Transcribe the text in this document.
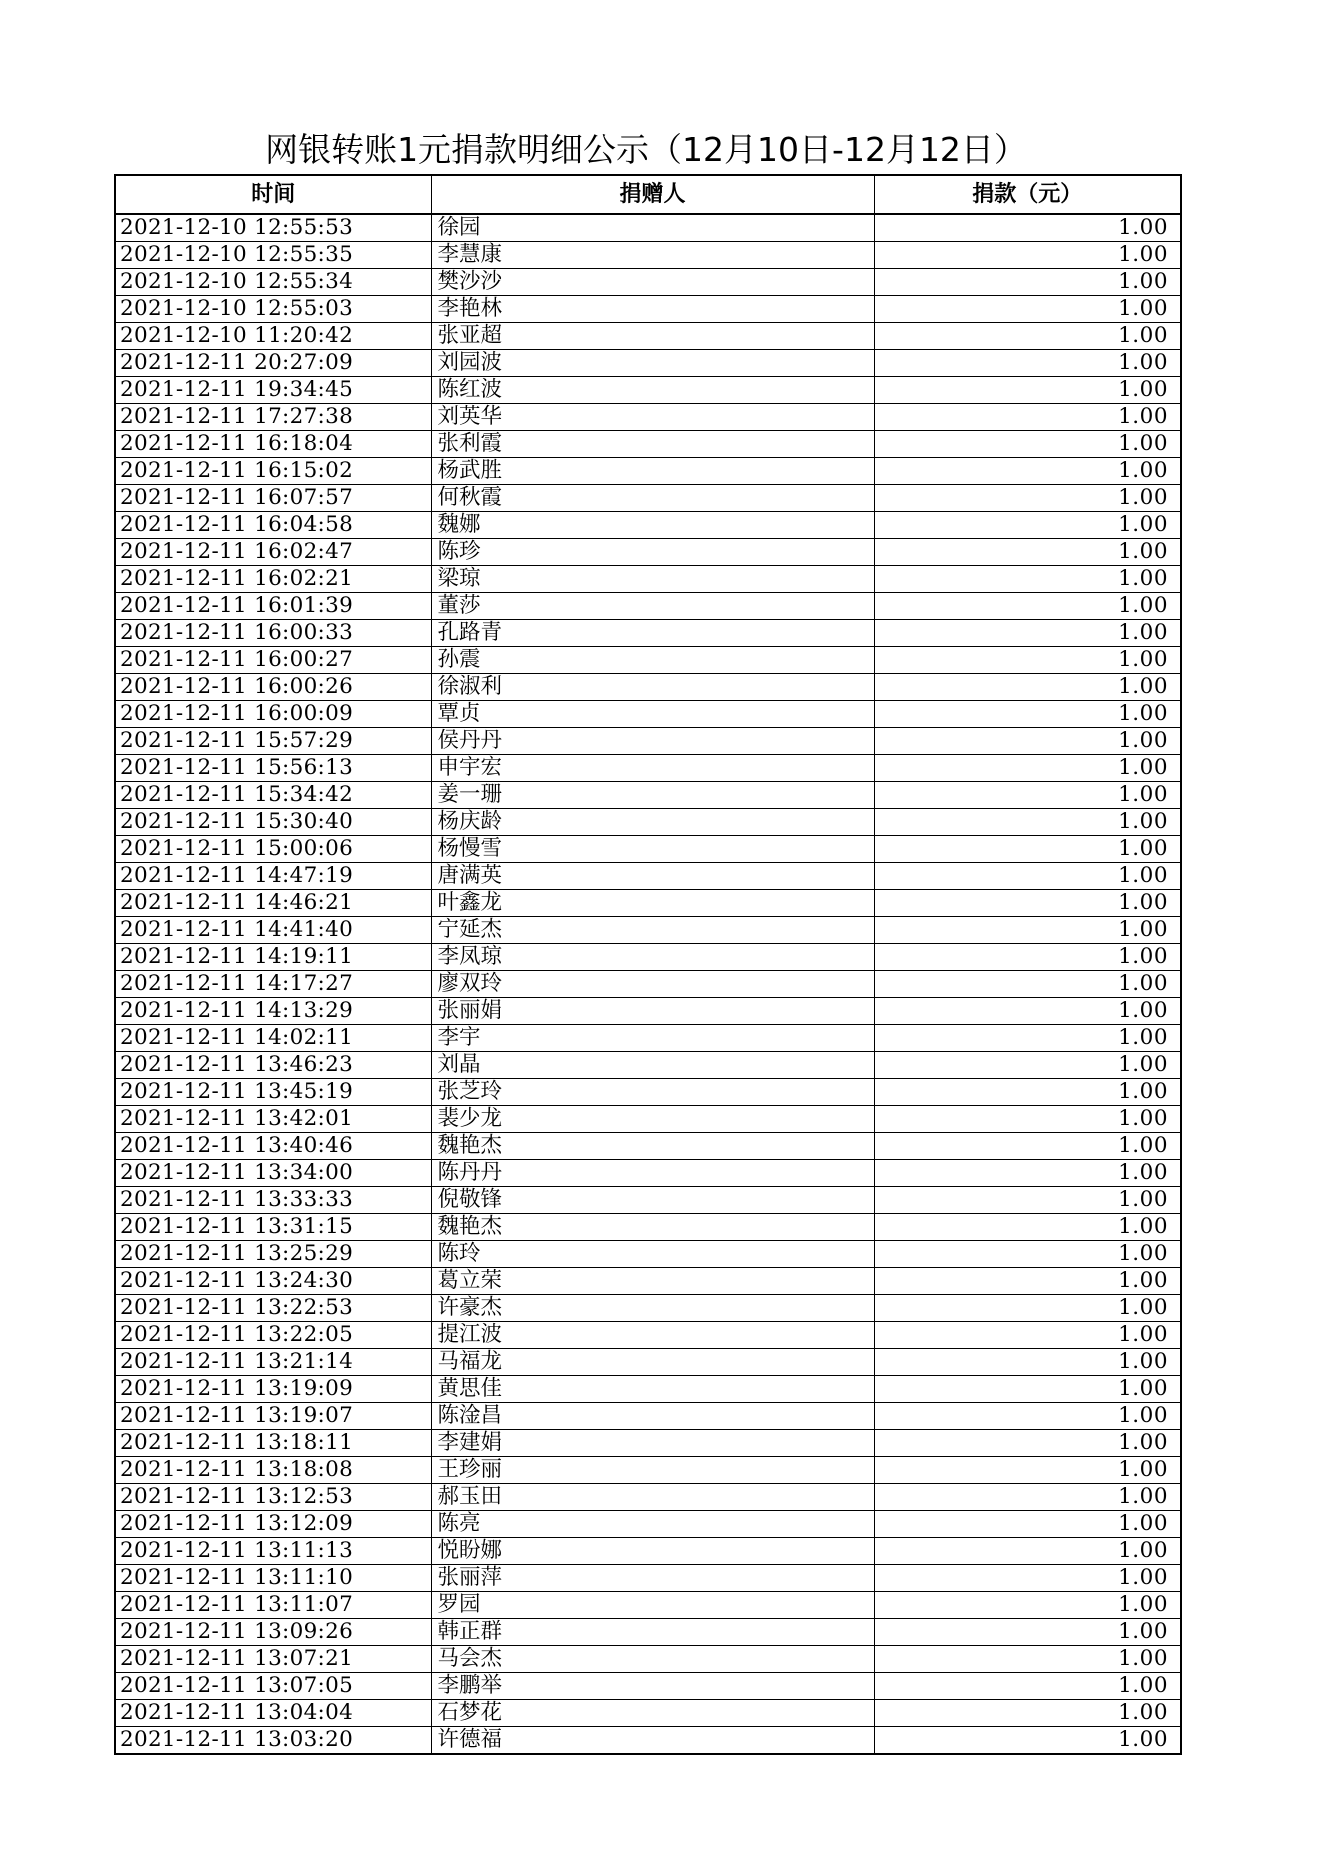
网银转账1元捐款明细公示（12月10日-12月12日）
时间	捐赠人	捐款（元）
2021-12-10 12:55:53	徐园	1.00
2021-12-10 12:55:35	李慧康	1.00
2021-12-10 12:55:34	樊沙沙	1.00
2021-12-10 12:55:03	李艳林	1.00
2021-12-10 11:20:42	张亚超	1.00
2021-12-11 20:27:09	刘园波	1.00
2021-12-11 19:34:45	陈红波	1.00
2021-12-11 17:27:38	刘英华	1.00
2021-12-11 16:18:04	张利霞	1.00
2021-12-11 16:15:02	杨武胜	1.00
2021-12-11 16:07:57	何秋霞	1.00
2021-12-11 16:04:58	魏娜	1.00
2021-12-11 16:02:47	陈珍	1.00
2021-12-11 16:02:21	梁琼	1.00
2021-12-11 16:01:39	董莎	1.00
2021-12-11 16:00:33	孔路青	1.00
2021-12-11 16:00:27	孙震	1.00
2021-12-11 16:00:26	徐淑利	1.00
2021-12-11 16:00:09	覃贞	1.00
2021-12-11 15:57:29	侯丹丹	1.00
2021-12-11 15:56:13	申宇宏	1.00
2021-12-11 15:34:42	姜一珊	1.00
2021-12-11 15:30:40	杨庆龄	1.00
2021-12-11 15:00:06	杨慢雪	1.00
2021-12-11 14:47:19	唐满英	1.00
2021-12-11 14:46:21	叶鑫龙	1.00
2021-12-11 14:41:40	宁延杰	1.00
2021-12-11 14:19:11	李凤琼	1.00
2021-12-11 14:17:27	廖双玲	1.00
2021-12-11 14:13:29	张丽娟	1.00
2021-12-11 14:02:11	李宇	1.00
2021-12-11 13:46:23	刘晶	1.00
2021-12-11 13:45:19	张芝玲	1.00
2021-12-11 13:42:01	裴少龙	1.00
2021-12-11 13:40:46	魏艳杰	1.00
2021-12-11 13:34:00	陈丹丹	1.00
2021-12-11 13:33:33	倪敬锋	1.00
2021-12-11 13:31:15	魏艳杰	1.00
2021-12-11 13:25:29	陈玲	1.00
2021-12-11 13:24:30	葛立荣	1.00
2021-12-11 13:22:53	许豪杰	1.00
2021-12-11 13:22:05	提江波	1.00
2021-12-11 13:21:14	马福龙	1.00
2021-12-11 13:19:09	黄思佳	1.00
2021-12-11 13:19:07	陈淦昌	1.00
2021-12-11 13:18:11	李建娟	1.00
2021-12-11 13:18:08	王珍丽	1.00
2021-12-11 13:12:53	郝玉田	1.00
2021-12-11 13:12:09	陈亮	1.00
2021-12-11 13:11:13	悦盼娜	1.00
2021-12-11 13:11:10	张丽萍	1.00
2021-12-11 13:11:07	罗园	1.00
2021-12-11 13:09:26	韩正群	1.00
2021-12-11 13:07:21	马会杰	1.00
2021-12-11 13:07:05	李鹏举	1.00
2021-12-11 13:04:04	石梦花	1.00
2021-12-11 13:03:20	许德福	1.00
